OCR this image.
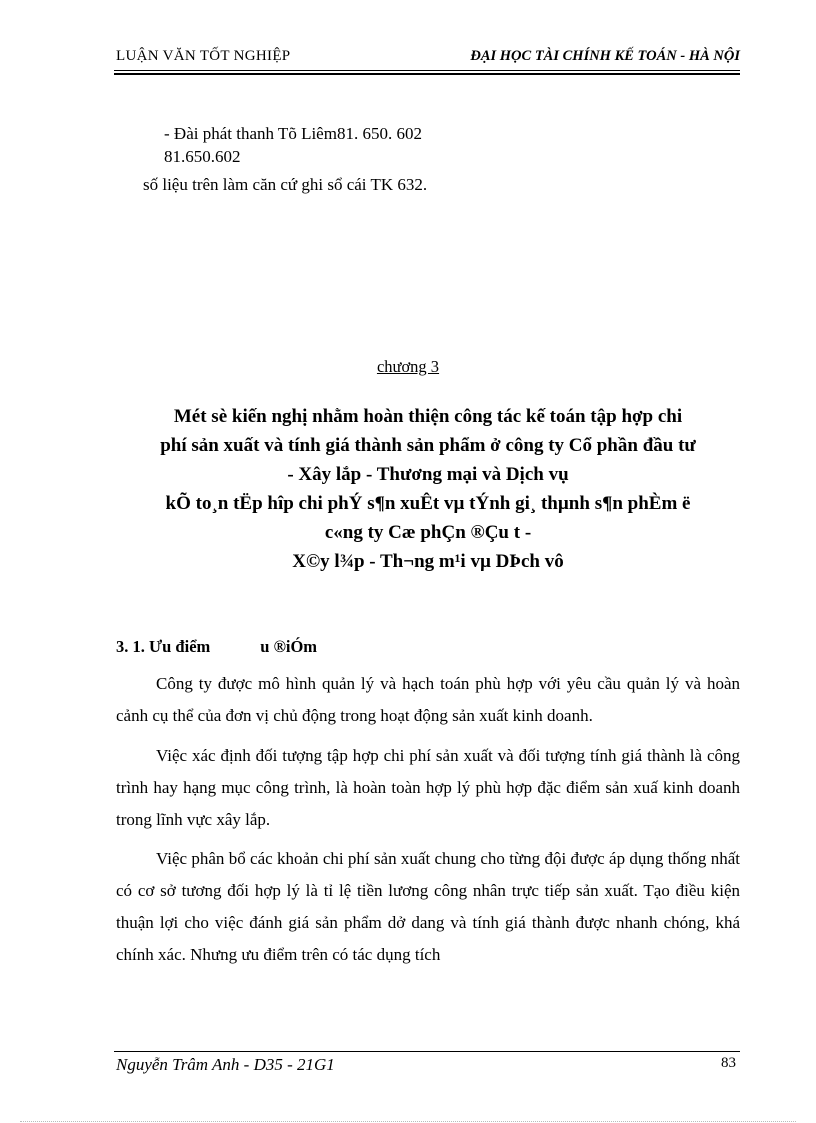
LUẬN VĂN TỐT NGHIỆP	ĐẠI HỌC TÀI CHÍNH KẾ TOÁN - HÀ NỘI
- Đài phát thanh Tõ Liêm81. 650. 602
81.650.602
số liệu trên làm căn cứ ghi sổ cái TK 632.
chương 3
Mét sè kiến nghị nhằm hoàn thiện công tác kế toán tập hợp chi
phí sản xuất và tính giá thành sản phẩm ở công ty Cổ phần đầu tư
- Xây lắp - Thương mại và Dịch vụ
kÕ to¸n tËp hîp chi phÝ s¶n xuÊt vµ tÝnh gi¸ thµnh s¶n phÈm ë
c«ng ty Cæ phÇn ®Çu t -
X©y l¾p - Th¬ng m¹i vµ DÞch vô
3. 1. Ưu điểm	u ®iÓm

Công ty được mô hình quản lý và hạch toán phù hợp với yêu cầu quản lý và hoàn cảnh cụ thể của đơn vị chủ động trong hoạt động sản xuất kinh doanh.

Việc xác định đối tượng tập hợp chi phí sản xuất và đối tượng tính giá thành là công trình hay hạng mục công trình, là hoàn toàn hợp lý phù hợp đặc điểm sản xuấ kinh doanh trong lĩnh vực xây lắp.

Việc phân bổ các khoản chi phí sản xuất chung cho từng đội được áp dụng thống nhất có cơ sở tương đối hợp lý là tỉ lệ tiền lương công nhân trực tiếp sản xuất. Tạo điều kiện thuận lợi cho việc đánh giá sản phẩm dở dang và tính giá thành được nhanh chóng, khá chính xác. Nhưng ưu điểm trên có tác dụng tích

Nguyễn Trâm Anh - D35 - 21G1	83
